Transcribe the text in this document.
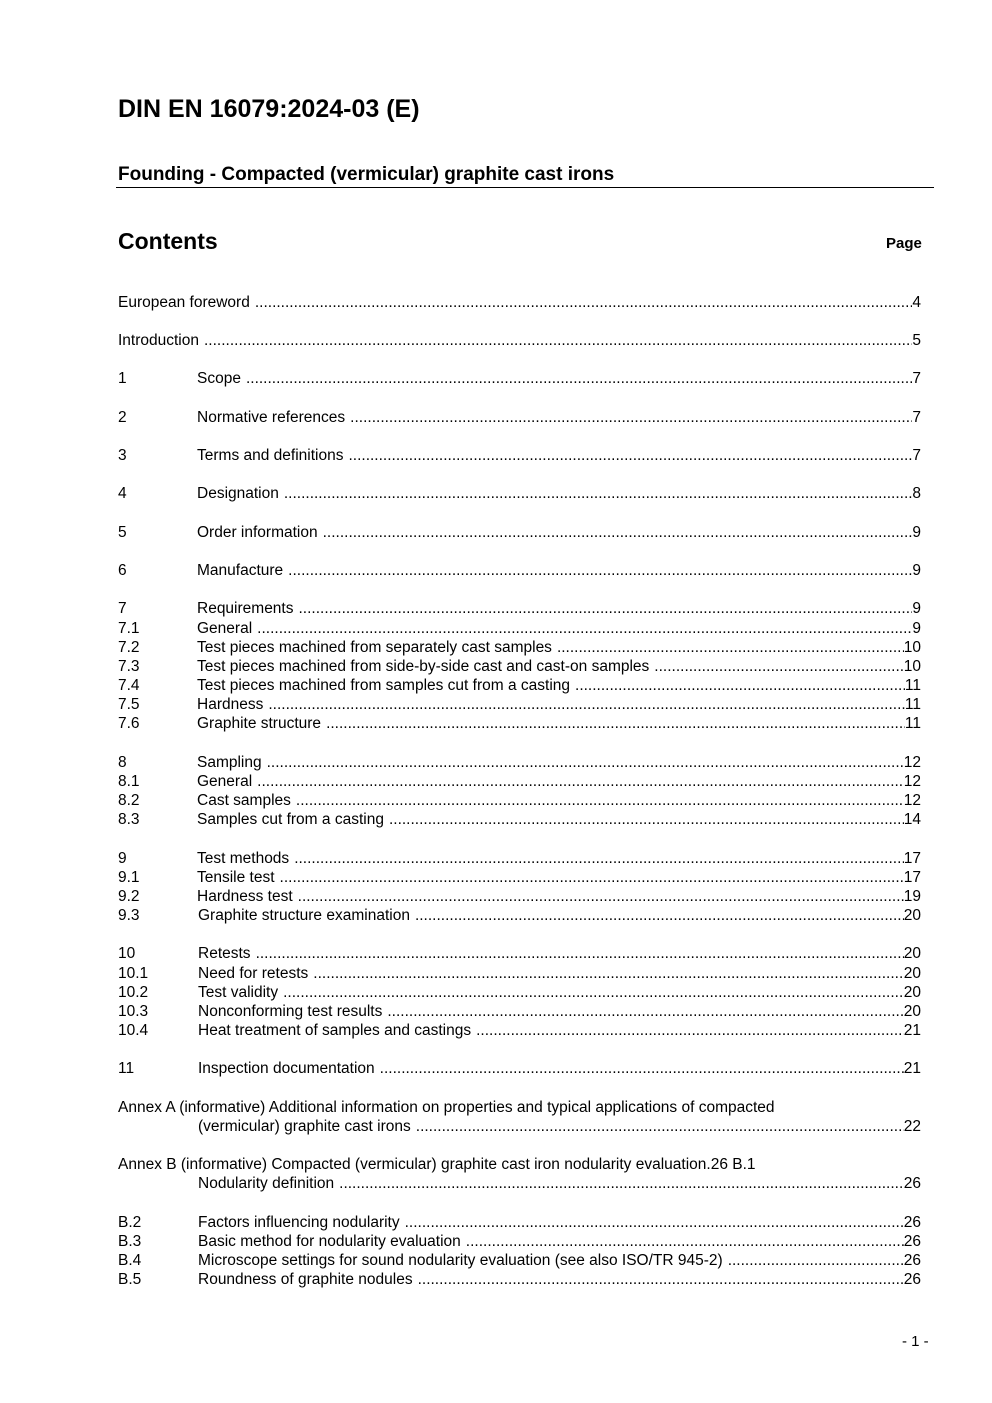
DIN EN 16079:2024-03 (E)
Founding - Compacted (vermicular) graphite cast irons
Contents	Page
European foreword .....	4
Introduction .....	5
1	Scope .....	7
2	Normative references .....	7
3	Terms and definitions .....	7
4	Designation .....	8
5	Order information .....	9
6	Manufacture .....	9
7	Requirements .....	9
7.1	General .....	9
7.2	Test pieces machined from separately cast samples .....	10
7.3	Test pieces machined from side-by-side cast and cast-on samples .....	10
7.4	Test pieces machined from samples cut from a casting .....	11
7.5	Hardness .....	11
7.6	Graphite structure .....	11
8	Sampling .....	12
8.1	General .....	12
8.2	Cast samples .....	12
8.3	Samples cut from a casting .....	14
9	Test methods .....	17
9.1	Tensile test .....	17
9.2	Hardness test .....	19
9.3	Graphite structure examination .....	20
10	Retests .....	20
10.1	Need for retests .....	20
10.2	Test validity .....	20
10.3	Nonconforming test results .....	20
10.4	Heat treatment of samples and castings .....	21
11	Inspection documentation .....	21
Annex A (informative) Additional information on properties and typical applications of compacted
(vermicular) graphite cast irons .....	22
Annex B (informative) Compacted (vermicular) graphite cast iron nodularity evaluation.26 B.1
Nodularity definition .....	26
B.2	Factors influencing nodularity .....	26
B.3	Basic method for nodularity evaluation .....	26
B.4	Microscope settings for sound nodularity evaluation (see also ISO/TR 945-2) .....	26
B.5	Roundness of graphite nodules .....	26
- 1 -
